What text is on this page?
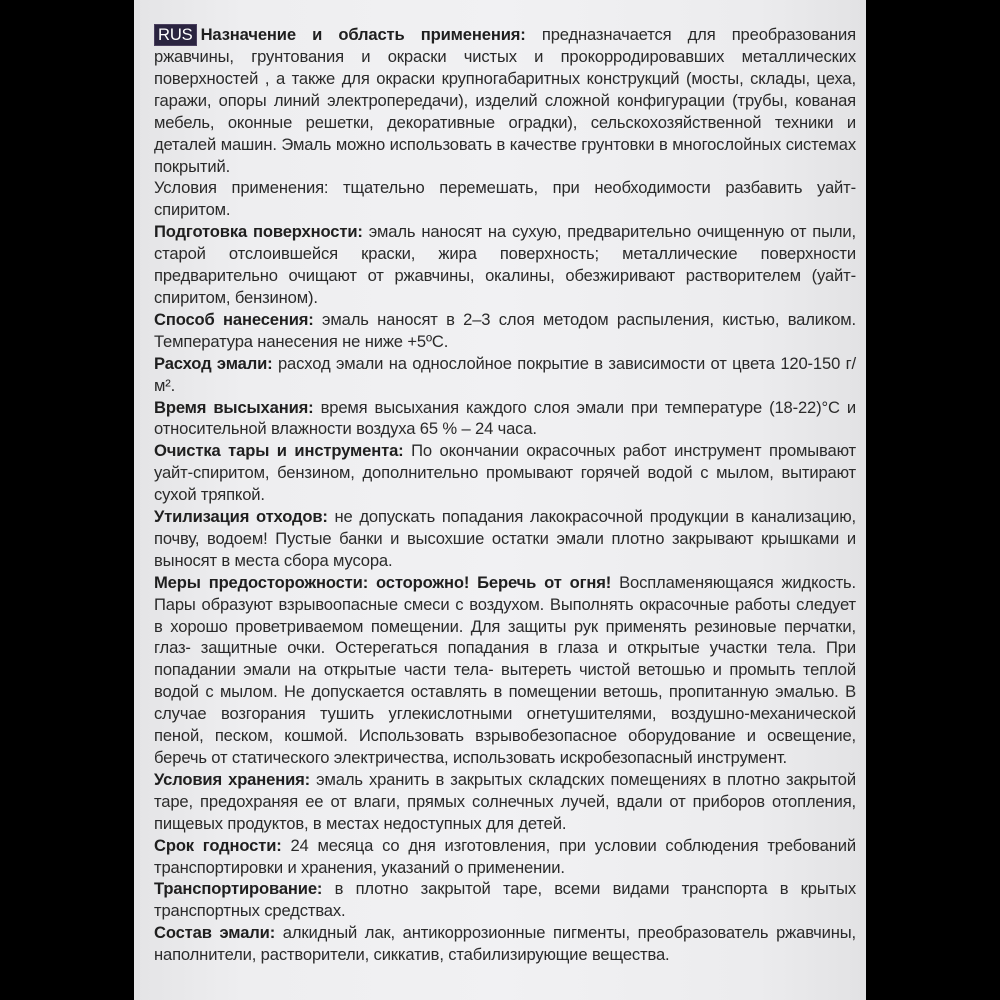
RUS Назначение и область применения: предназначается для преобразования ржавчины, грунтования и окраски чистых и прокорродировавших металлических поверхностей , а также для окраски крупногабаритных конструкций (мосты, склады, цеха, гаражи, опоры линий электропередачи), изделий сложной конфигурации (трубы, кованая мебель, оконные решетки, декоративные оградки), сельскохозяйственной техники и деталей машин. Эмаль можно использовать в качестве грунтовки в многослойных системах покрытий.

Условия применения: тщательно перемешать, при необходимости разбавить уайт-спиритом.

Подготовка поверхности: эмаль наносят на сухую, предварительно очищенную от пыли, старой отслоившейся краски, жира поверхность; металлические поверхности предварительно очищают от ржавчины, окалины, обезжиривают растворителем (уайт-спиритом, бензином).

Способ нанесения: эмаль наносят в 2–3 слоя методом распыления, кистью, валиком. Температура нанесения не ниже +5ºС.

Расход эмали: расход эмали на однослойное покрытие в зависимости от цвета 120-150 г/м².

Время высыхания: время высыхания каждого слоя эмали при температуре (18-22)°С и относительной влажности воздуха 65 % – 24 часа.

Очистка тары и инструмента: По окончании окрасочных работ инструмент промывают уайт-спиритом, бензином, дополнительно промывают горячей водой с мылом, вытирают сухой тряпкой.

Утилизация отходов: не допускать попадания лакокрасочной продукции в канализацию, почву, водоем! Пустые банки и высохшие остатки эмали плотно закрывают крышками и выносят в места сбора мусора.

Меры предосторожности: осторожно! Беречь от огня! Воспламеняющаяся жидкость. Пары образуют взрывоопасные смеси с воздухом. Выполнять окрасочные работы следует в хорошо проветриваемом помещении. Для защиты рук применять резиновые перчатки, глаз- защитные очки. Остерегаться попадания в глаза и открытые участки тела. При попадании эмали на открытые части тела- вытереть чистой ветошью и промыть теплой водой с мылом. Не допускается оставлять в помещении ветошь, пропитанную эмалью. В случае возгорания тушить углекислотными огнетушителями, воздушно-механической пеной, песком, кошмой. Использовать взрывобезопасное оборудование и освещение, беречь от статического электричества, использовать искробезопасный инструмент.

Условия хранения: эмаль хранить в закрытых складских помещениях в плотно закрытой таре, предохраняя ее от влаги, прямых солнечных лучей, вдали от приборов отопления, пищевых продуктов, в местах недоступных для детей.

Срок годности: 24 месяца со дня изготовления, при условии соблюдения требований транспортировки и хранения, указаний о применении.

Транспортирование: в плотно закрытой таре, всеми видами транспорта в крытых транспортных средствах.

Состав эмали: алкидный лак, антикоррозионные пигменты, преобразователь ржавчины, наполнители, растворители, сиккатив, стабилизирующие вещества.
